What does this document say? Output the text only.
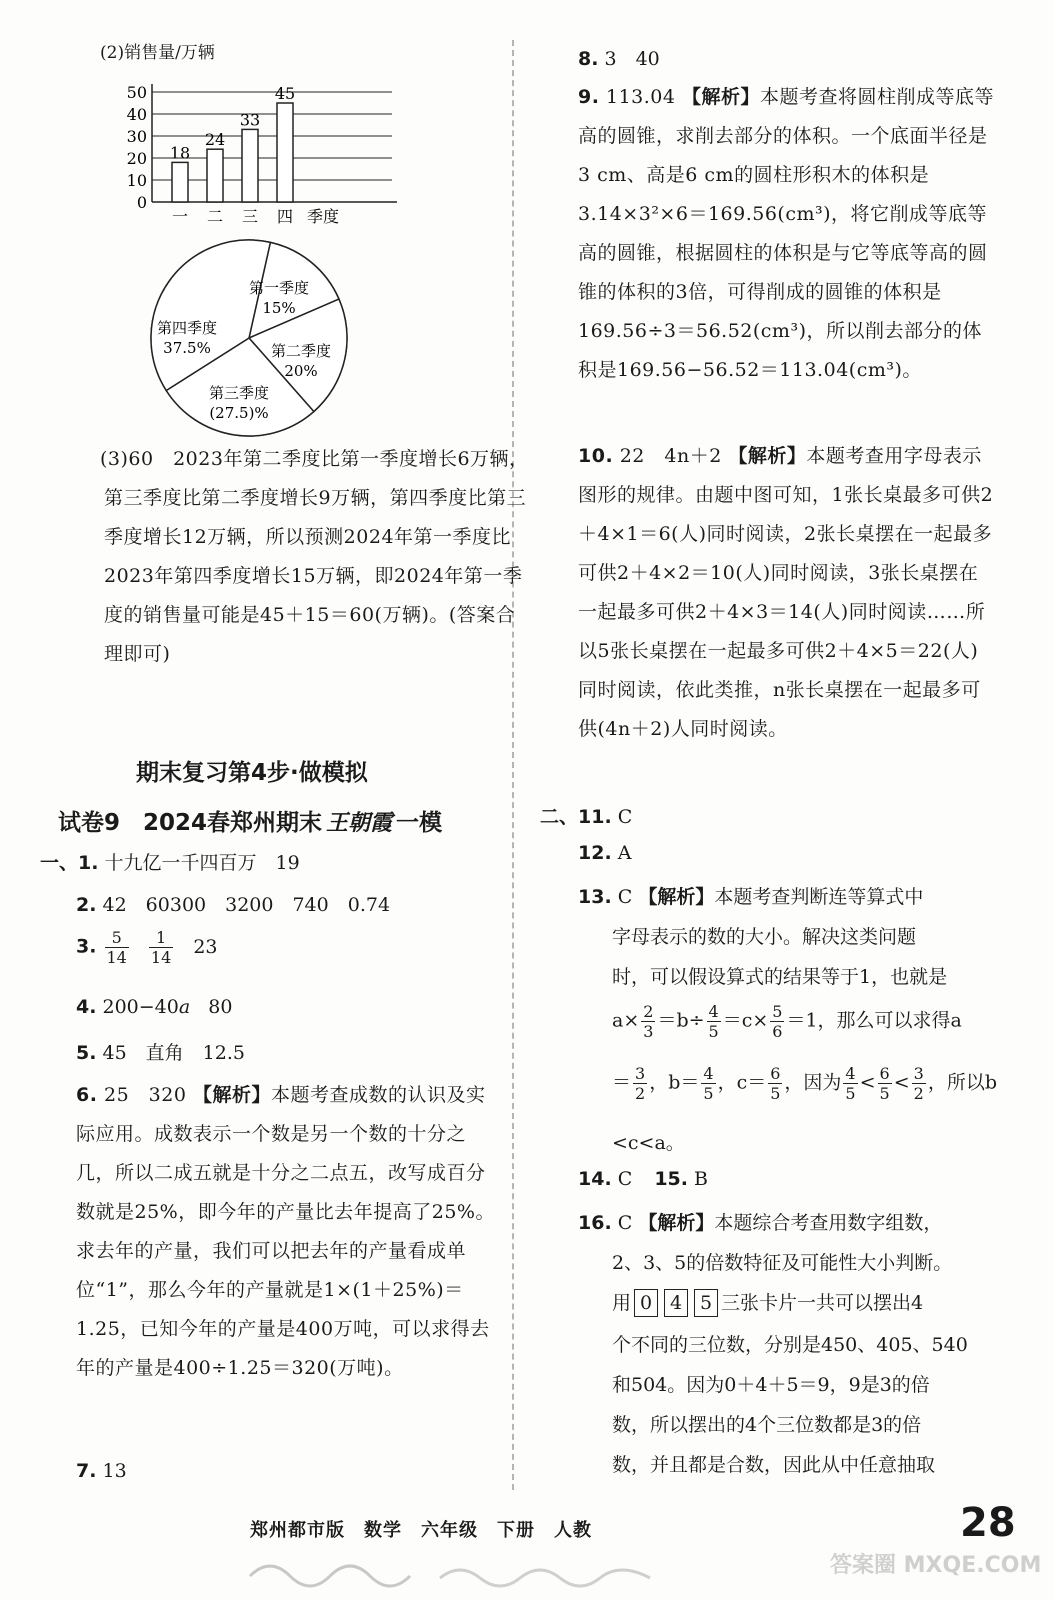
(2)销售量/万辆
0
10
20
30
40
50
18
一
24
二
33
三
45
四 季度
第一季度
15%
第二季度
20%
第三季度
(27.5)%
第四季度
37.5%
(3)60　2023年第二季度比第一季度增长6万辆，第三季度比第二季度增长9万辆，第四季度比第三季度增长12万辆，所以预测2024年第一季度比2023年第四季度增长15万辆，即2024年第一季度的销售量可能是45＋15＝60(万辆)。(答案合理即可)
期末复习第4步·做模拟
试卷9　2024春郑州期末 王朝霞 一模
一、1. 十九亿一千四百万　19
2. 42　60300　3200　740　0.74
3. $\frac{5}{14}$
$\frac{1}{14} 23$
4. 200−40a 80
5. 45　直角　12.5
6. 25　320 【解析】本题考查成数的认识及实际应用。成数表示一个数是另一个数的十分之几，所以二成五就是十分之二点五，改写成百分数就是25%，即今年的产量比去年提高了25%。求去年的产量，我们可以把去年的产量看成单位“1”，那么今年的产量就是1×(1＋25%)＝1.25，已知今年的产量是400万吨，可以求得去年的产量是400÷1.25＝320(万吨)。
7. 13
8. 3　40
9. 113.04 【解析】本题考查将圆柱削成等底等高的圆锥，求削去部分的体积。一个底面半径是3 cm、高是6 cm的圆柱形积木的体积是3.14×3²×6＝169.56(cm³)，将它削成等底等高的圆锥，根据圆柱的体积是与它等底等高的圆锥的体积的3倍，可得削成的圆锥的体积是169.56÷3＝56.52(cm³)，所以削去部分的体积是169.56−56.52＝113.04(cm³)。
10. 22　4n＋2 【解析】本题考查用字母表示图形的规律。由题中图可知，1张长桌最多可供2＋4×1＝6(人)同时阅读，2张长桌摆在一起最多可供2＋4×2＝10(人)同时阅读，3张长桌摆在一起最多可供2＋4×3＝14(人)同时阅读……所以5张长桌摆在一起最多可供2＋4×5＝22(人)同时阅读，依此类推，n张长桌摆在一起最多可供(4n＋2)人同时阅读。
二、11. C
12. A
13. C 【解析】本题考查判断连等算式中
字母表示的数的大小。解决这类问题
时，可以假设算式的结果等于1，也就是
$a\times \frac{2}{3} =b\div \frac{4}{5} =c\times \frac{5}{6} =1$，那么可以求得a
＝ $\frac{3}{2}$ ，$b= \frac{4}{5}$ ，$c= \frac{6}{5}$ ，因为 $\frac{4}{5} < \frac{6}{5} < \frac{3}{2}$ ，所以b
<c<a。
14. C 15. B
16. C 【解析】本题综合考查用数字组数，
2、3、5的倍数特征及可能性大小判断。
用 0 4 5 三张卡片一共可以摆出4
个不同的三位数，分别是450、405、540
和504。因为0＋4＋5＝9，9是3的倍
数，所以摆出的4个三位数都是3的倍
数，并且都是合数，因此从中任意抽取
郑州都市版　数学　六年级　下册　人教	28
答案圈 MXQE.COM
